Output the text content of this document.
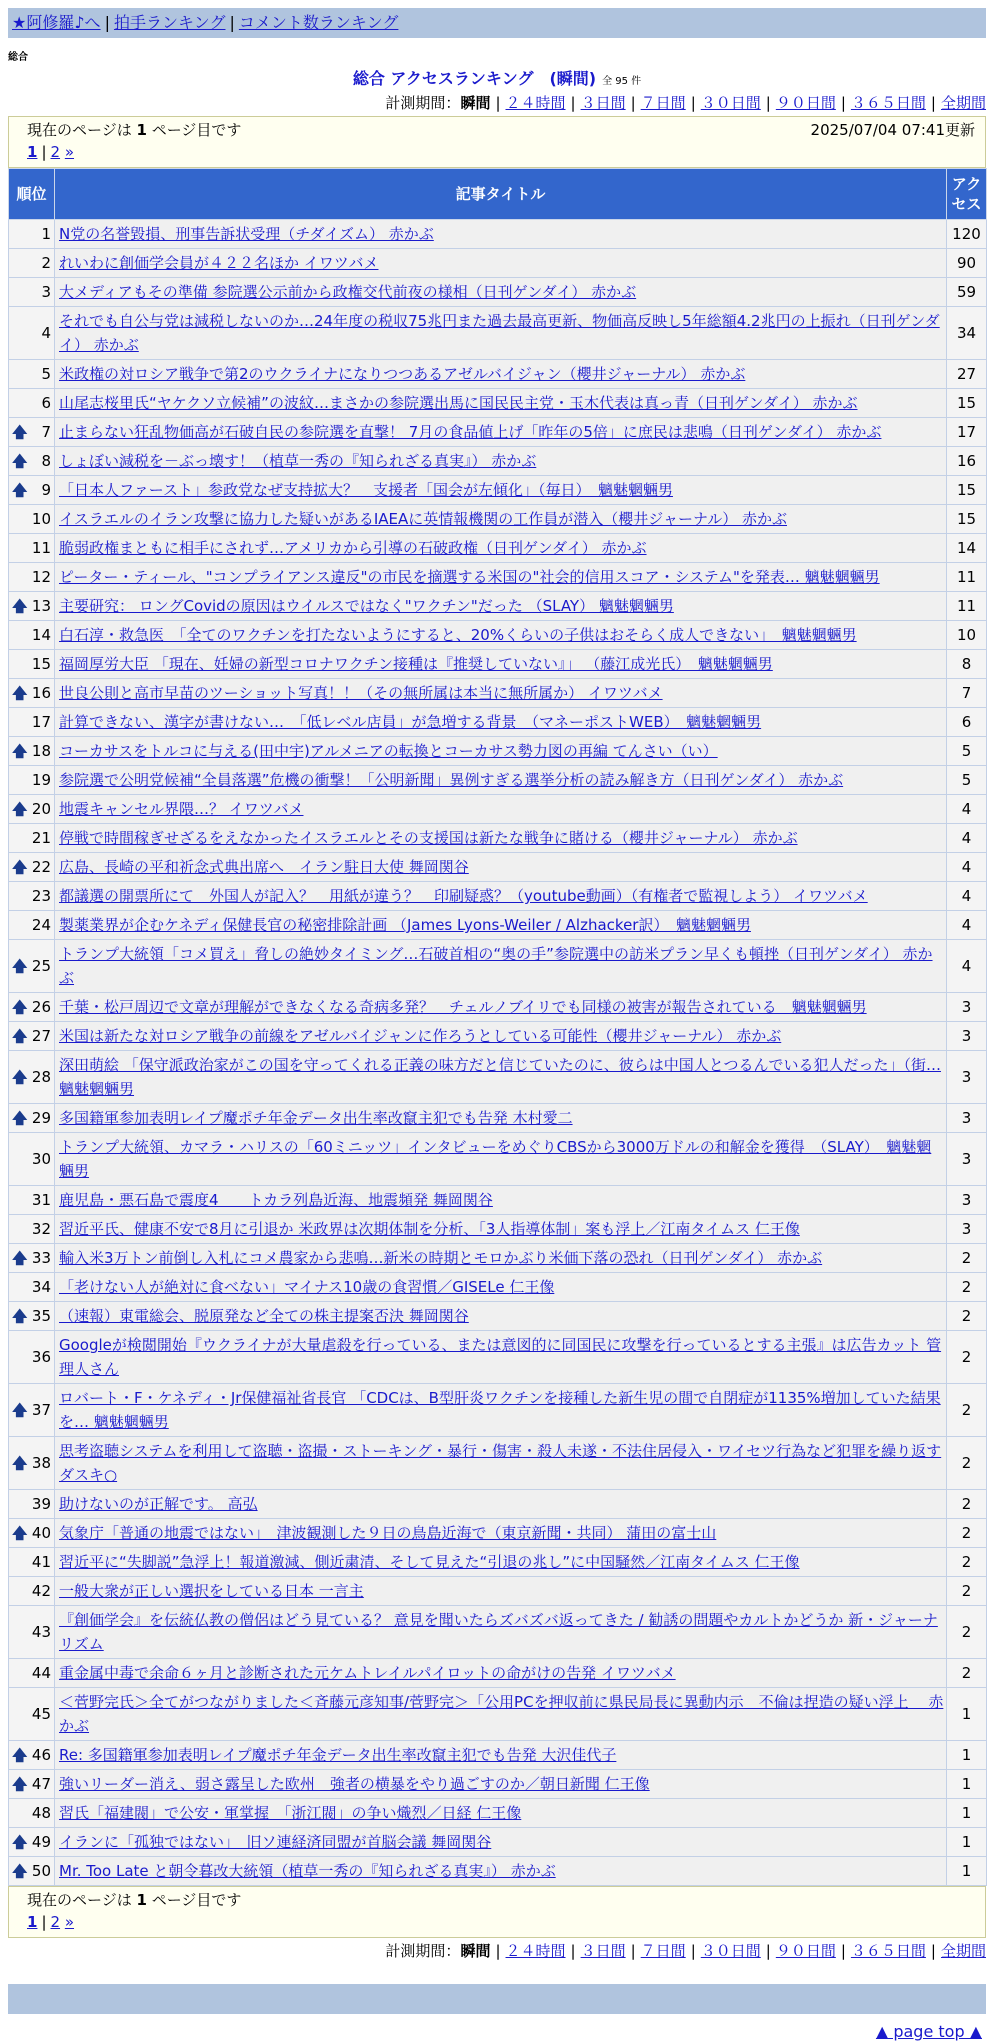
★阿修羅♪へ | 拍手ランキング | コメント数ランキング
総合
総合 アクセスランキング　(瞬間) 全 95 件
計測期間：瞬間 | ２４時間 | ３日間 | ７日間 | ３０日間 | ９０日間 | ３６５日間 | 全期間
現在のページは 1 ページ目です	2025/07/04 07:41更新
1 | 2 »
順位	記事タイトル	アクセス
1	N党の名誉毀損、刑事告訴状受理（チダイズム） 赤かぶ	120
2	れいわに創価学会員が４２２名ほか イワツバメ	90
3	大メディアもその準備 参院選公示前から政権交代前夜の様相（日刊ゲンダイ） 赤かぶ	59
4	それでも自公与党は減税しないのか…24年度の税収75兆円また過去最高更新、物価高反映し5年総額4.2兆円の上振れ（日刊ゲンダイ） 赤かぶ	34
5	米政権の対ロシア戦争で第2のウクライナになりつつあるアゼルバイジャン（櫻井ジャーナル） 赤かぶ	27
6	山尾志桜里氏“ヤケクソ立候補”の波紋…まさかの参院選出馬に国民民主党・玉木代表は真っ青（日刊ゲンダイ） 赤かぶ	15

🡅 7	止まらない狂乱物価高が石破自民の参院選を直撃！ 7月の食品値上げ「昨年の5倍」に庶民は悲鳴（日刊ゲンダイ） 赤かぶ	17

🡅 8	しょぼい減税を－ぶっ壊す！（植草一秀の『知られざる真実』） 赤かぶ	16

🡅 9	「日本人ファースト」参政党なぜ支持拡大？　支援者「国会が左傾化」（毎日）　魑魅魍魎男	15
10	イスラエルのイラン攻撃に協力した疑いがあるIAEAに英情報機関の工作員が潜入（櫻井ジャーナル） 赤かぶ	15
11	脆弱政権まともに相手にされず…アメリカから引導の石破政権（日刊ゲンダイ） 赤かぶ	14
12	ピーター・ティール、"コンプライアンス違反"の市民を摘選する米国の"社会的信用スコア・システム"を発表… 魑魅魍魎男	11

🡅 13	主要研究： ロングCovidの原因はウイルスではなく"ワクチン"だった （SLAY） 魑魅魍魎男	11
14	白石淳・救急医　「全てのワクチンを打たないようにすると、20%くらいの子供はおそらく成人できない」　魑魅魍魎男	10
15	福岡厚労大臣 「現在、妊婦の新型コロナワクチン接種は『推奨していない』」 （藤江成光氏）　魑魅魍魎男	8

🡅 16	世良公則と高市早苗のツーショット写真！！（その無所属は本当に無所属か） イワツバメ	7
17	計算できない、漢字が書けない…　「低レベル店員」が急増する背景　（マネーポストWEB）　魑魅魍魎男	6

🡅 18	コーカサスをトルコに与える(田中宇)アルメニアの転換とコーカサス勢力図の再編 てんさい（い）	5
19	参院選で公明党候補“全員落選”危機の衝撃！「公明新聞」異例すぎる選挙分析の読み解き方（日刊ゲンダイ） 赤かぶ	5

🡅 20	地震キャンセル界隈…？ イワツバメ	4
21	停戦で時間稼ぎせざるをえなかったイスラエルとその支援国は新たな戦争に賭ける（櫻井ジャーナル） 赤かぶ	4

🡅 22	広島、長崎の平和祈念式典出席へ　イラン駐日大使 舞岡関谷	4
23	都議選の開票所にて　外国人が記入？　用紙が違う？　印刷疑惑？（youtube動画）（有権者で監視しよう） イワツバメ	4
24	製薬業界が企むケネディ保健長官の秘密排除計画 （James Lyons-Weiler / Alzhacker訳）　魑魅魍魎男	4

🡅 25	トランプ大統領「コメ買え」脅しの絶妙タイミング…石破首相の“奥の手”参院選中の訪米プラン早くも頓挫（日刊ゲンダイ） 赤かぶ	4

🡅 26	千葉・松戸周辺で文章が理解ができなくなる奇病多発？　チェルノブイリでも同様の被害が報告されている　魑魅魍魎男	3

🡅 27	米国は新たな対ロシア戦争の前線をアゼルバイジャンに作ろうとしている可能性（櫻井ジャーナル） 赤かぶ	3

🡅 28	深田萌絵 「保守派政治家がこの国を守ってくれる正義の味方だと信じていたのに、彼らは中国人とつるんでいる犯人だった」（街… 魑魅魍魎男	3

🡅 29	多国籍軍参加表明レイプ魔ポチ年金データ出生率改竄主犯でも告発 木村愛二	3
30	トランプ大統領、カマラ・ハリスの「60ミニッツ」インタビューをめぐりCBSから3000万ドルの和解金を獲得　（SLAY）　魑魅魍魎男	3
31	鹿児島・悪石島で震度4　　トカラ列島近海、地震頻発 舞岡関谷	3
32	習近平氏、健康不安で8月に引退か 米政界は次期体制を分析、「3人指導体制」案も浮上／江南タイムス 仁王像	3

🡅 33	輸入米3万トン前倒し入札にコメ農家から悲鳴…新米の時期とモロかぶり米価下落の恐れ（日刊ゲンダイ） 赤かぶ	2
34	「老けない人が絶対に食べない」マイナス10歳の食習慣／GISELe 仁王像	2

🡅 35	（速報）東電総会、脱原発など全ての株主提案否決 舞岡関谷	2
36	Googleが検閲開始『ウクライナが大量虐殺を行っている、または意図的に同国民に攻撃を行っているとする主張』は広告カット 管理人さん	2

🡅 37	ロバート・F・ケネディ・Jr保健福祉省長官 「CDCは、B型肝炎ワクチンを接種した新生児の間で自閉症が1135%増加していた結果を… 魑魅魍魎男	2

🡅 38	思考盗聴システムを利用して盗聴・盗撮・ストーキング・暴行・傷害・殺人未遂・不法住居侵入・ワイセツ行為など犯罪を繰り返すダスキ○	2
39	助けないのが正解です。 高弘	2

🡅 40	気象庁「普通の地震ではない」　津波観測した９日の鳥島近海で（東京新聞・共同） 蒲田の富士山	2
41	習近平に“失脚説”急浮上！報道激減、側近粛清、そして見えた“引退の兆し”に中国騒然／江南タイムス 仁王像	2
42	一般大衆が正しい選択をしている日本 一言主	2
43	『創価学会』を伝統仏教の僧侶はどう見ている？ 意見を聞いたらズバズバ返ってきた / 勧誘の問題やカルトかどうか 新・ジャーナリズム	2
44	重金属中毒で余命６ヶ月と診断された元ケムトレイルパイロットの命がけの告発 イワツバメ	2
45	＜菅野完氏＞全てがつながりました＜斉藤元彦知事/菅野完＞「公用PCを押収前に県民局長に異動内示　不倫は捏造の疑い浮上　 赤かぶ	1

🡅 46	Re: 多国籍軍参加表明レイプ魔ポチ年金データ出生率改竄主犯でも告発 大沢佳代子	1

🡅 47	強いリーダー消え、弱さ露呈した欧州　強者の横暴をやり過ごすのか／朝日新聞 仁王像	1
48	習氏「福建閥」で公安・軍掌握　「浙江閥」の争い熾烈／日経 仁王像	1

🡅 49	イランに「孤独ではない」　旧ソ連経済同盟が首脳会議 舞岡関谷	1

🡅 50	Mr. Too Late と朝令暮改大統領（植草一秀の『知られざる真実』） 赤かぶ	1
現在のページは 1 ページ目です
1 | 2 »
計測期間：瞬間 | ２４時間 | ３日間 | ７日間 | ３０日間 | ９０日間 | ３６５日間 | 全期間
▲ page top ▲
